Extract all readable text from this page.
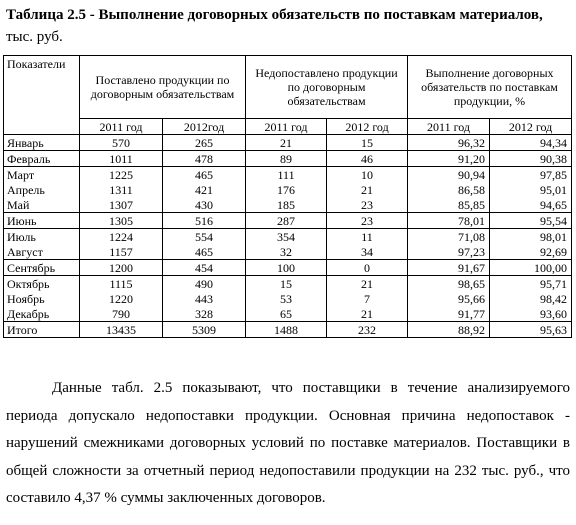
Таблица 2.5 - Выполнение договорных обязательств по поставкам материалов,
тыс. руб.

Показатели	Поставлено продукции по договорным обязательствам		Недопоставлено продукции по договорным обязательствам		Выполнение договорных обязательств по поставкам продукции, %	
	2011 год	2012год	2011 год	2012 год	2011 год	2012 год
Январь	570	265	21	15	96,32	94,34
Февраль	1011	478	89	46	91,20	90,38
Март	1225	465	111	10	90,94	97,85
Апрель	1311	421	176	21	86,58	95,01
Май	1307	430	185	23	85,85	94,65
Июнь	1305	516	287	23	78,01	95,54
Июль	1224	554	354	11	71,08	98,01
Август	1157	465	32	34	97,23	92,69
Сентябрь	1200	454	100	0	91,67	100,00
Октябрь	1115	490	15	21	98,65	95,71
Ноябрь	1220	443	53	7	95,66	98,42
Декабрь	790	328	65	21	91,77	93,60
Итого	13435	5309	1488	232	88,92	95,63

Данные табл. 2.5 показывают, что поставщики в течение анализируемого периода допускало недопоставки продукции. Основная причина недопоставок - нарушений смежниками договорных условий по поставке материалов. Поставщики в общей сложности за отчетный период недопоставили продукции на 232 тыс. руб., что составило 4,37 % суммы заключенных договоров.
